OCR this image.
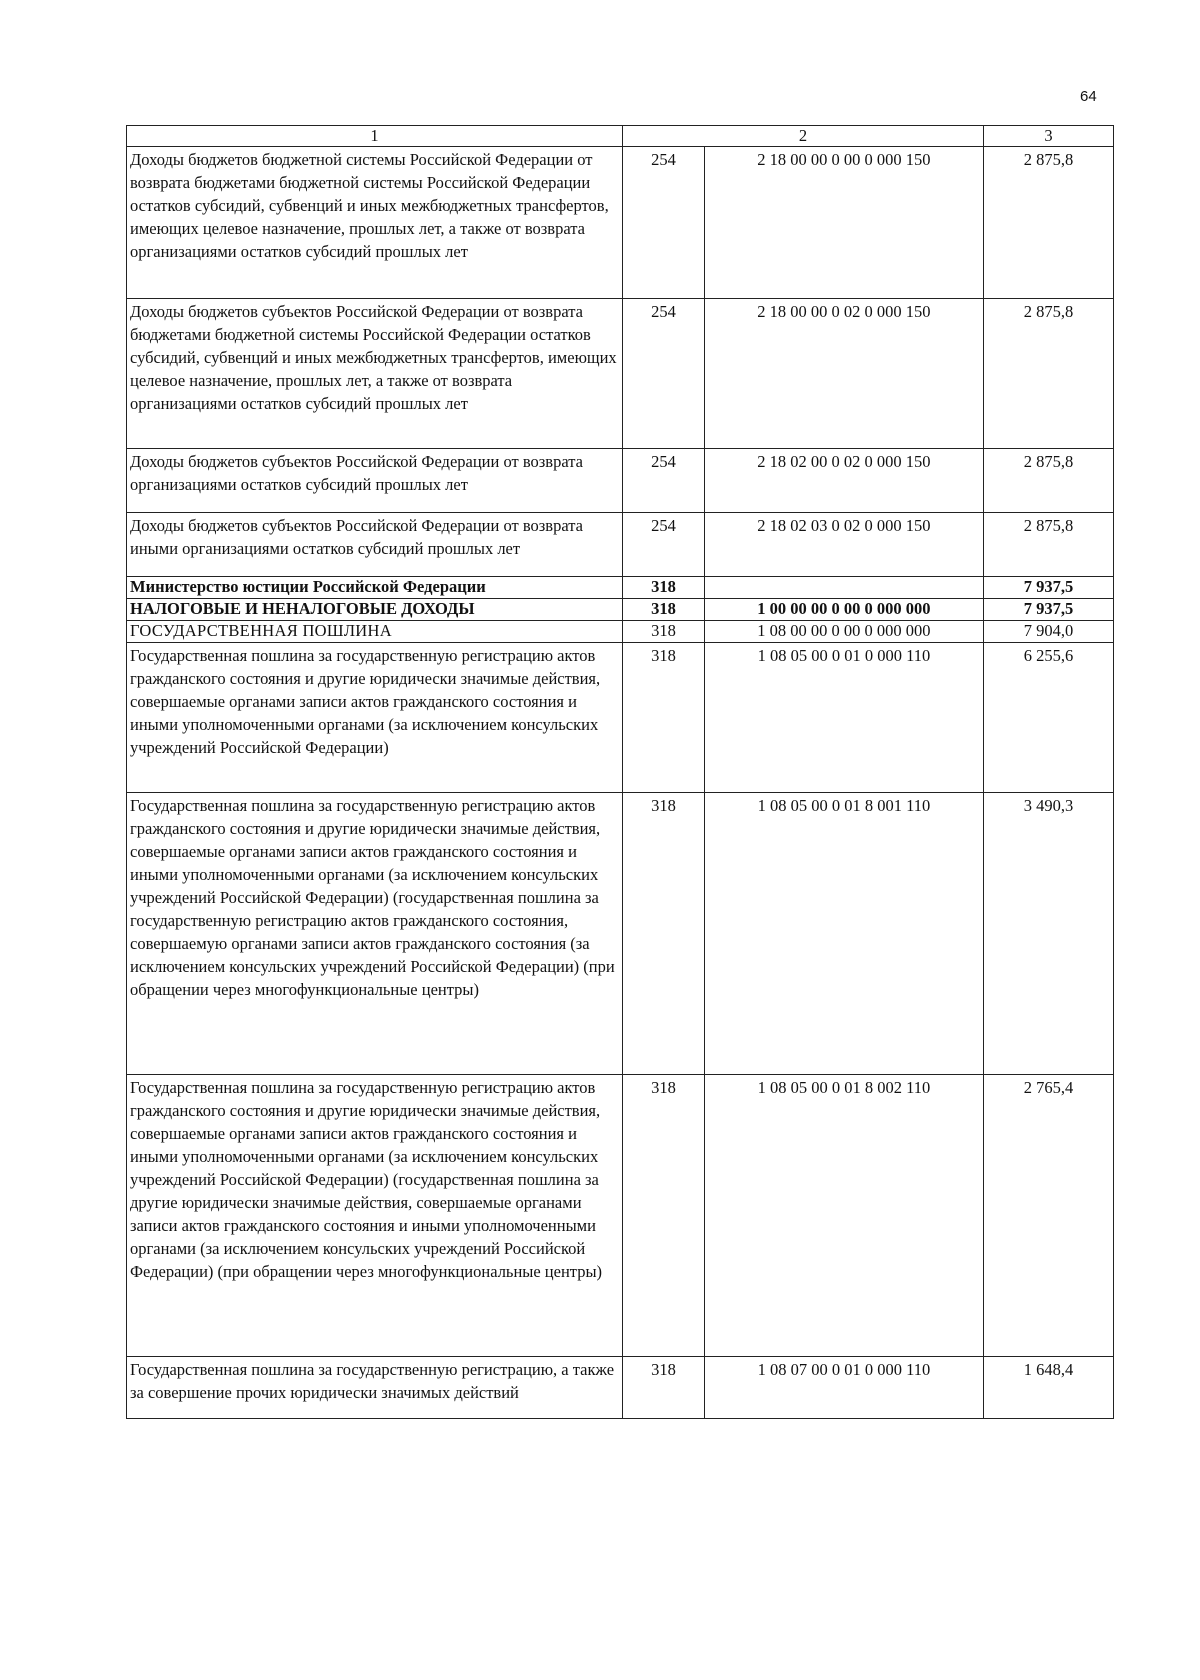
64
1	2		3
Доходы бюджетов бюджетной системы Российской Федерации от возврата бюджетами бюджетной системы Российской Федерации остатков субсидий, субвенций и иных межбюджетных трансфертов, имеющих целевое назначение, прошлых лет, а также от возврата организациями остатков субсидий прошлых лет	254	2 18 00 00 0 00 0 000 150	2 875,8
Доходы бюджетов субъектов Российской Федерации от возврата бюджетами бюджетной системы Российской Федерации остатков субсидий, субвенций и иных межбюджетных трансфертов, имеющих целевое назначение, прошлых лет, а также от возврата организациями остатков субсидий прошлых лет	254	2 18 00 00 0 02 0 000 150	2 875,8
Доходы бюджетов субъектов Российской Федерации от возврата организациями остатков субсидий прошлых лет	254	2 18 02 00 0 02 0 000 150	2 875,8
Доходы бюджетов субъектов Российской Федерации от возврата иными организациями остатков субсидий прошлых лет	254	2 18 02 03 0 02 0 000 150	2 875,8
Министерство юстиции Российской Федерации	318		7 937,5
НАЛОГОВЫЕ И НЕНАЛОГОВЫЕ ДОХОДЫ	318	1 00 00 00 0 00 0 000 000	7 937,5
ГОСУДАРСТВЕННАЯ ПОШЛИНА	318	1 08 00 00 0 00 0 000 000	7 904,0
Государственная пошлина за государственную регистрацию актов гражданского состояния и другие юридически значимые действия, совершаемые органами записи актов гражданского состояния и иными уполномоченными органами (за исключением консульских учреждений Российской Федерации)	318	1 08 05 00 0 01 0 000 110	6 255,6
Государственная пошлина за государственную регистрацию актов гражданского состояния и другие юридически значимые действия, совершаемые органами записи актов гражданского состояния и иными уполномоченными органами (за исключением консульских учреждений Российской Федерации) (государственная пошлина за государственную регистрацию актов гражданского состояния, совершаемую органами записи актов гражданского состояния (за исключением консульских учреждений Российской Федерации) (при обращении через многофункциональные центры)	318	1 08 05 00 0 01 8 001 110	3 490,3
Государственная пошлина за государственную регистрацию актов гражданского состояния и другие юридически значимые действия, совершаемые органами записи актов гражданского состояния и иными уполномоченными органами (за исключением консульских учреждений Российской Федерации) (государственная пошлина за другие юридически значимые действия, совершаемые органами записи актов гражданского состояния и иными уполномоченными органами (за исключением консульских учреждений Российской Федерации) (при обращении через многофункциональные центры)	318	1 08 05 00 0 01 8 002 110	2 765,4
Государственная пошлина за государственную регистрацию, а также за совершение прочих юридически значимых действий	318	1 08 07 00 0 01 0 000 110	1 648,4
